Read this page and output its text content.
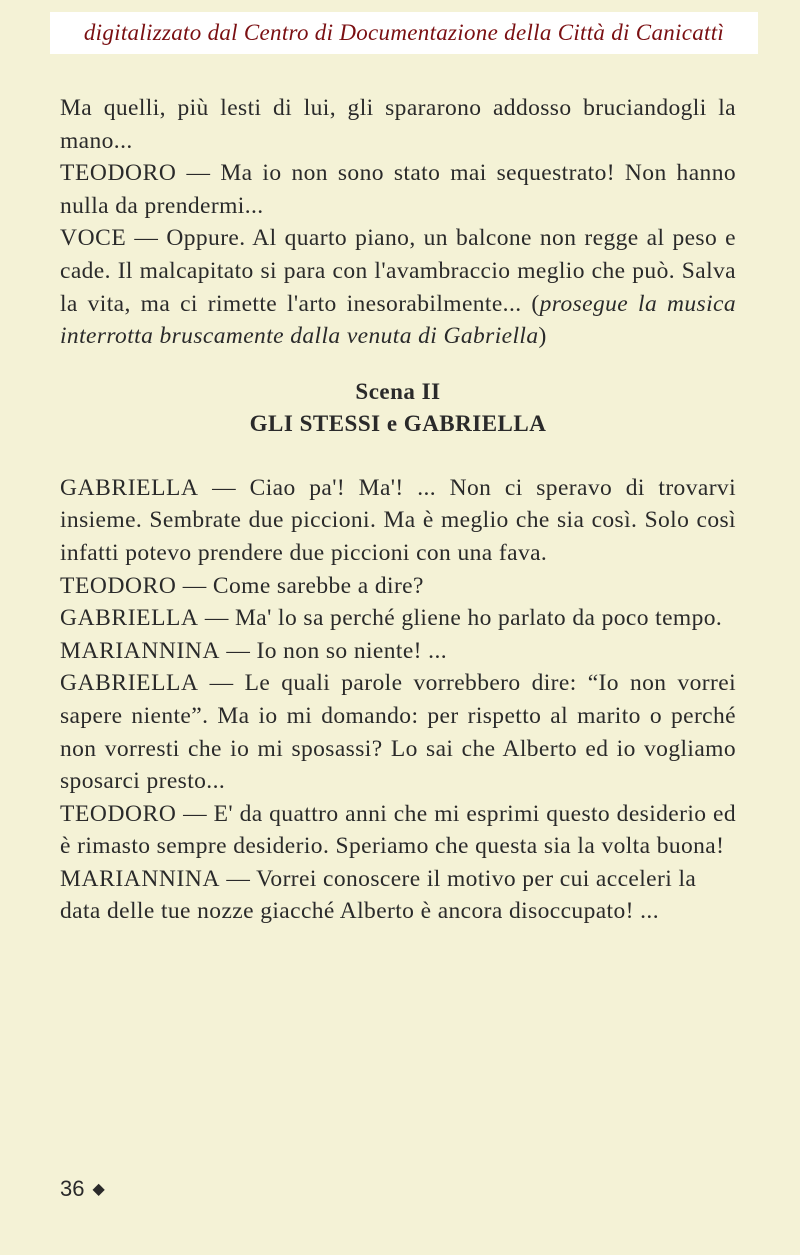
digitalizzato dal Centro di Documentazione della Città di Canicattì

Ma quelli, più lesti di lui, gli spararono addosso bruciandogli la mano...

TEODORO — Ma io non sono stato mai sequestrato! Non hanno nulla da prendermi...

VOCE — Oppure. Al quarto piano, un balcone non regge al peso e cade. Il malcapitato si para con l'avambraccio meglio che può. Salva la vita, ma ci rimette l'arto inesorabilmente... (prosegue la musica interrotta bruscamente dalla venuta di Gabriella)

Scena II

GLI STESSI e GABRIELLA

GABRIELLA — Ciao pa'! Ma'! ... Non ci speravo di trovarvi insieme. Sembrate due piccioni. Ma è meglio che sia così. Solo così infatti potevo prendere due piccioni con una fava.

TEODORO — Come sarebbe a dire?

GABRIELLA — Ma' lo sa perché gliene ho parlato da poco tempo.

MARIANNINA — Io non so niente! ...

GABRIELLA — Le quali parole vorrebbero dire: “Io non vorrei sapere niente”. Ma io mi domando: per rispetto al marito o perché non vorresti che io mi sposassi? Lo sai che Alberto ed io vogliamo sposarci presto...

TEODORO — E' da quattro anni che mi esprimi questo desiderio ed è rimasto sempre desiderio. Speriamo che questa sia la volta buona!

MARIANNINA — Vorrei conoscere il motivo per cui acceleri la data delle tue nozze giacché Alberto è ancora disoccupato! ...

36 ◆
